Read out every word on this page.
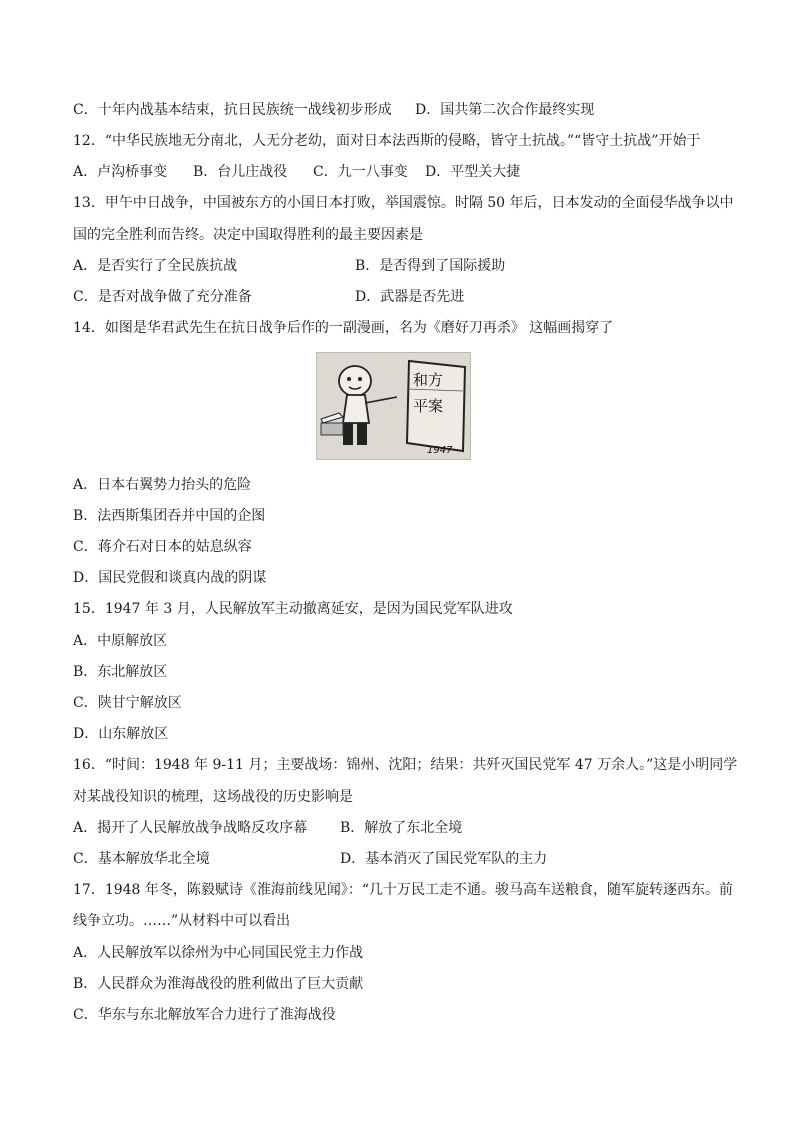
C．十年内战基本结束，抗日民族统一战线初步形成 D．国共第二次合作最终实现
12．“中华民族地无分南北，人无分老幼，面对日本法西斯的侵略，皆守土抗战。”“皆守土抗战”开始于
A．卢沟桥事变 B．台儿庄战役 C．九一八事变 D．平型关大捷
13．甲午中日战争，中国被东方的小国日本打败，举国震惊。时隔 50 年后，日本发动的全面侵华战争以中
国的完全胜利而告终。决定中国取得胜利的最主要因素是
A．是否实行了全民族抗战	B．是否得到了国际援助
C．是否对战争做了充分准备	D．武器是否先进
14．如图是华君武先生在抗日战争后作的一副漫画，名为《磨好刀再杀》 这幅画揭穿了
和方
平案
1947
A．日本右翼势力抬头的危险
B．法西斯集团吞并中国的企图
C．蒋介石对日本的姑息纵容
D．国民党假和谈真内战的阴谋
15．1947 年 3 月，人民解放军主动撤离延安，是因为国民党军队进攻
A．中原解放区
B．东北解放区
C．陕甘宁解放区
D．山东解放区
16．“时间：1948 年 9-11 月；主要战场：锦州、沈阳；结果：共歼灭国民党军 47 万余人。”这是小明同学
对某战役知识的梳理，这场战役的历史影响是
A．揭开了人民解放战争战略反攻序幕 B．解放了东北全境
C．基本解放华北全境	D．基本消灭了国民党军队的主力
17．1948 年冬，陈毅赋诗《淮海前线见闻》：“几十万民工走不通。骏马高车送粮食，随军旋转逐西东。前
线争立功。……”从材料中可以看出
A．人民解放军以徐州为中心同国民党主力作战
B．人民群众为淮海战役的胜利做出了巨大贡献
C．华东与东北解放军合力进行了淮海战役
